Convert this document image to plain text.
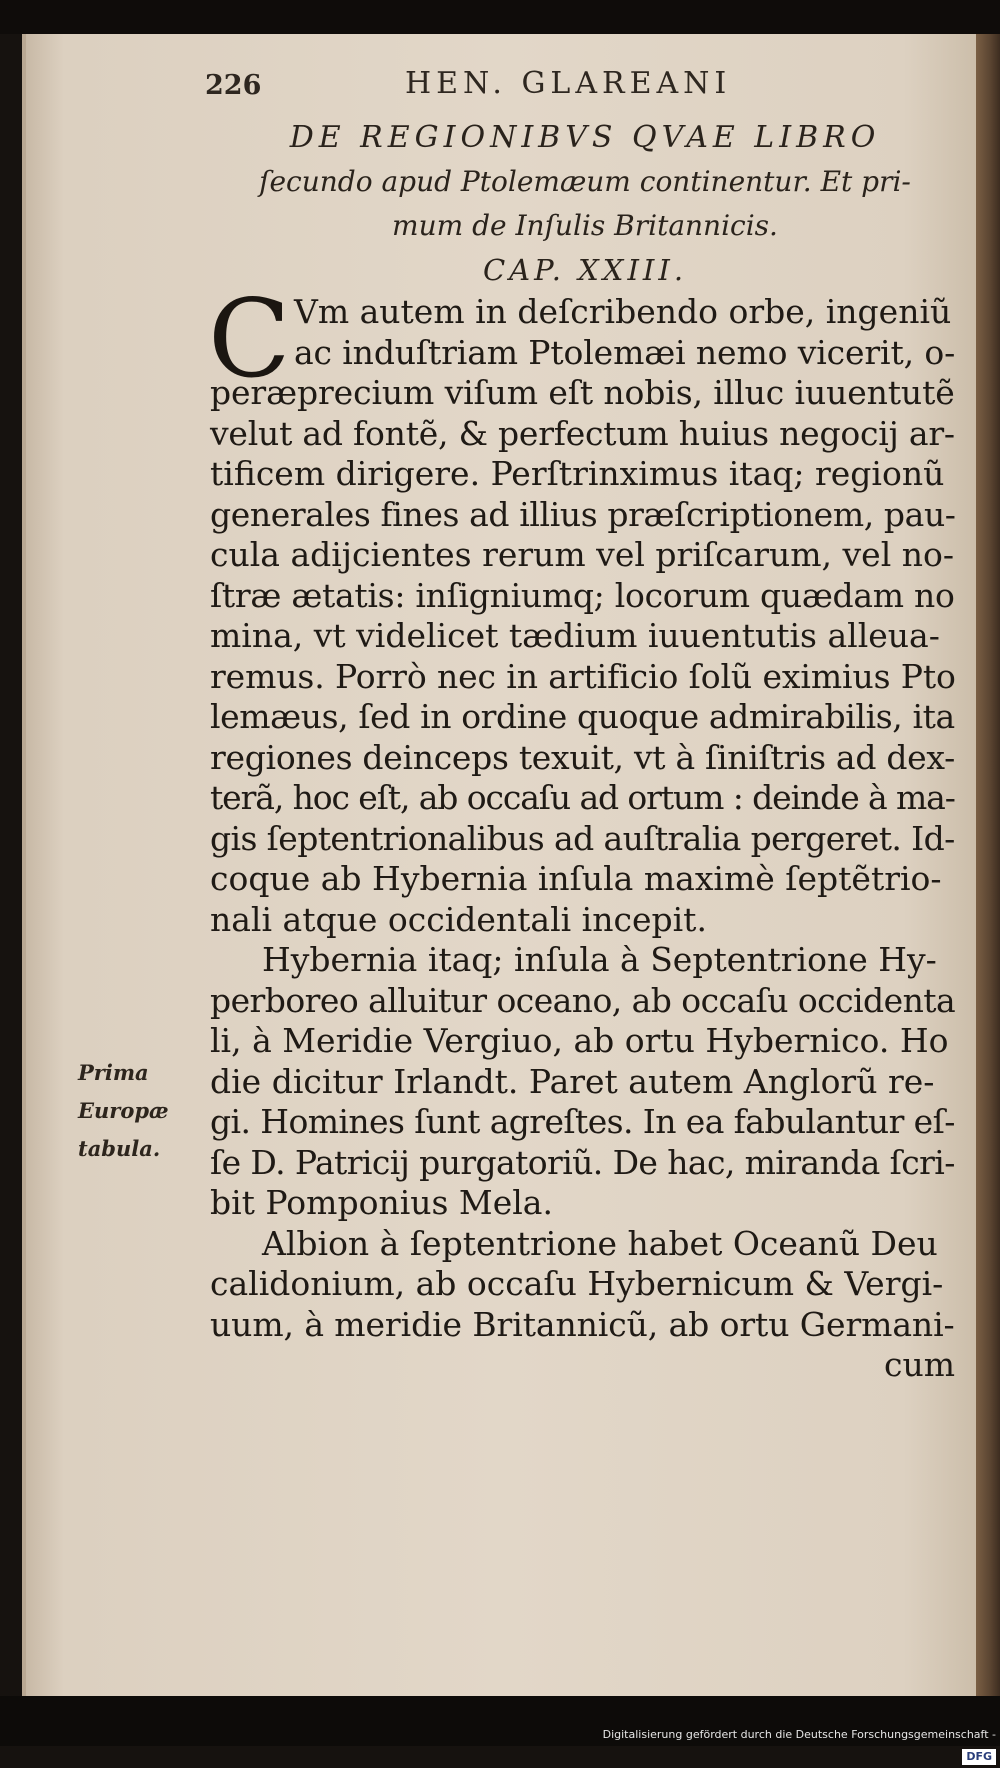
226	HEN. GLAREANI
DE REGIONIBVS QVAE LIBRO
ſecundo apud Ptolemæum continentur. Et pri-
mum de Inſulis Britannicis.
CAP. XXIII.
C Vm autem in deſcribendo orbe, ingeniũ
ac induſtriam Ptolemæi nemo vicerit, o-
peræprecium viſum eſt nobis, illuc iuuentutẽ
velut ad fontẽ, & perfectum huius negocij ar-
tificem dirigere. Perſtrinximus itaq; regionũ
generales fines ad illius præſcriptionem, pau-
cula adijcientes rerum vel priſcarum, vel no-
ſtræ ætatis: inſigniumq; locorum quædam no
mina, vt videlicet tædium iuuentutis alleua-
remus. Porrò nec in artificio ſolũ eximius Pto
lemæus, ſed in ordine quoque admirabilis, ita
regiones deinceps texuit, vt à ſiniſtris ad dex-
terã, hoc eſt, ab occaſu ad ortum : deinde à ma-
gis ſeptentrionalibus ad auſtralia pergeret. Id-
coque ab Hybernia inſula maximè ſeptẽtrio-
nali atque occidentali incepit.
Hybernia itaq; inſula à Septentrione Hy-
perboreo alluitur oceano, ab occaſu occidenta
li, à Meridie Vergiuo, ab ortu Hybernico. Ho
die dicitur Irlandt. Paret autem Anglorũ re-
gi. Homines ſunt agreſtes. In ea fabulantur eſ-
ſe D. Patricij purgatoriũ. De hac, miranda ſcri-
bit Pomponius Mela.
Albion à ſeptentrione habet Oceanũ Deu
calidonium, ab occaſu Hybernicum & Vergi-
uum, à meridie Britannicũ, ab ortu Germani-
cum
Prima
Europæ
tabula.
Digitalisierung gefördert durch die Deutsche Forschungsgemeinschaft -DFG
